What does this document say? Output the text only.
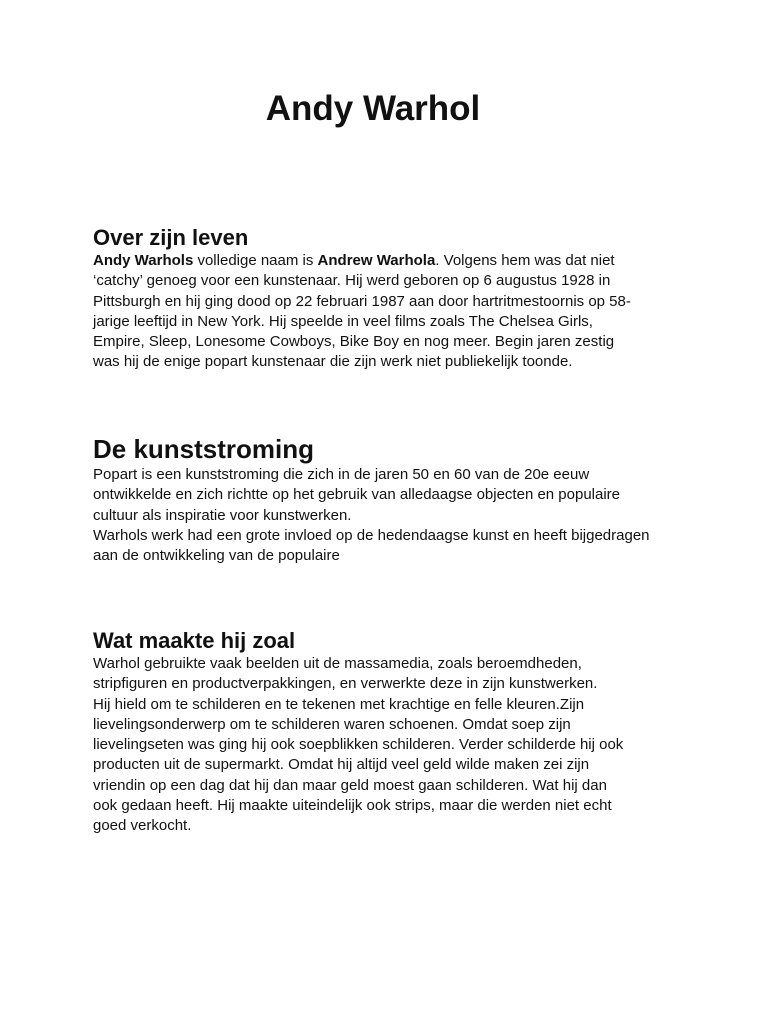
Andy Warhol
Over zijn leven

Andy Warhols volledige naam is Andrew Warhola. Volgens hem was dat niet
‘catchy’ genoeg voor een kunstenaar. Hij werd geboren op 6 augustus 1928 in
Pittsburgh en hij ging dood op 22 februari 1987 aan door hartritmestoornis op 58-
jarige leeftijd in New York. Hij speelde in veel films zoals The Chelsea Girls,
Empire, Sleep, Lonesome Cowboys, Bike Boy en nog meer. Begin jaren zestig
was hij de enige popart kunstenaar die zijn werk niet publiekelijk toonde.

De kunststroming

Popart is een kunststroming die zich in de jaren 50 en 60 van de 20e eeuw
ontwikkelde en zich richtte op het gebruik van alledaagse objecten en populaire
cultuur als inspiratie voor kunstwerken.
Warhols werk had een grote invloed op de hedendaagse kunst en heeft bijgedragen
aan de ontwikkeling van de populaire

Wat maakte hij zoal

Warhol gebruikte vaak beelden uit de massamedia, zoals beroemdheden,
stripfiguren en productverpakkingen, en verwerkte deze in zijn kunstwerken.
Hij hield om te schilderen en te tekenen met krachtige en felle kleuren.Zijn
lievelingsonderwerp om te schilderen waren schoenen. Omdat soep zijn
lievelingseten was ging hij ook soepblikken schilderen. Verder schilderde hij ook
producten uit de supermarkt. Omdat hij altijd veel geld wilde maken zei zijn
vriendin op een dag dat hij dan maar geld moest gaan schilderen. Wat hij dan
ook gedaan heeft. Hij maakte uiteindelijk ook strips, maar die werden niet echt
goed verkocht.
